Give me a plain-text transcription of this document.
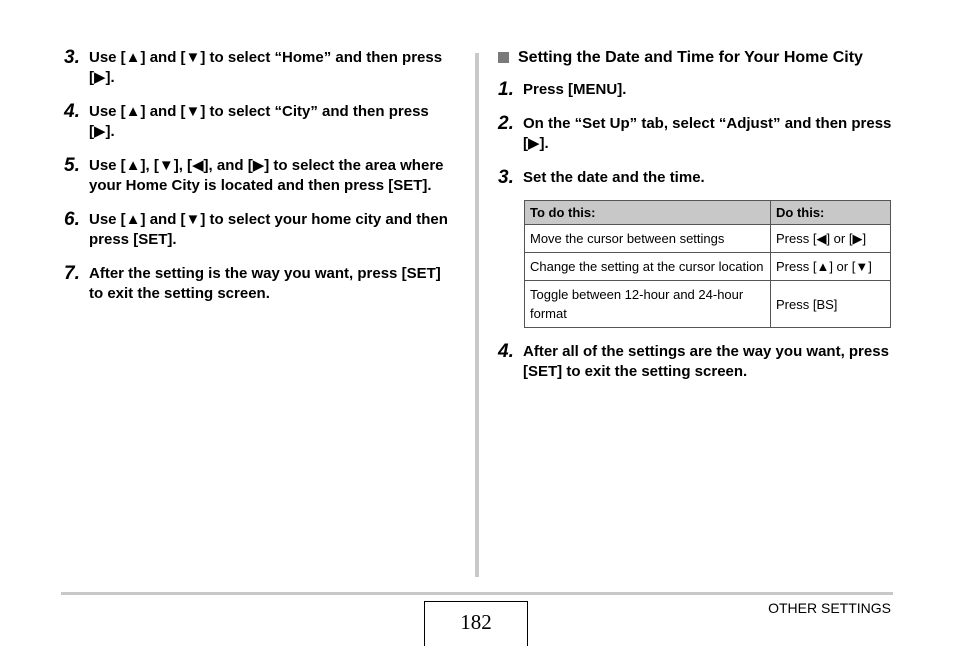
3. Use [▲] and [▼] to select “Home” and then press [▶].
4. Use [▲] and [▼] to select “City” and then press [▶].
5. Use [▲], [▼], [◀], and [▶] to select the area where your Home City is located and then press [SET].
6. Use [▲] and [▼] to select your home city and then press [SET].
7. After the setting is the way you want, press [SET] to exit the setting screen.
Setting the Date and Time for Your Home City
1. Press [MENU].
2. On the “Set Up” tab, select “Adjust” and then press [▶].
3. Set the date and the time.
To do this:	Do this:
Move the cursor between settings	Press [◀] or [▶]
Change the setting at the cursor location	Press [▲] or [▼]
Toggle between 12-hour and 24-hour format	Press [BS]
4. After all of the settings are the way you want, press [SET] to exit the setting screen.
OTHER SETTINGS
182
